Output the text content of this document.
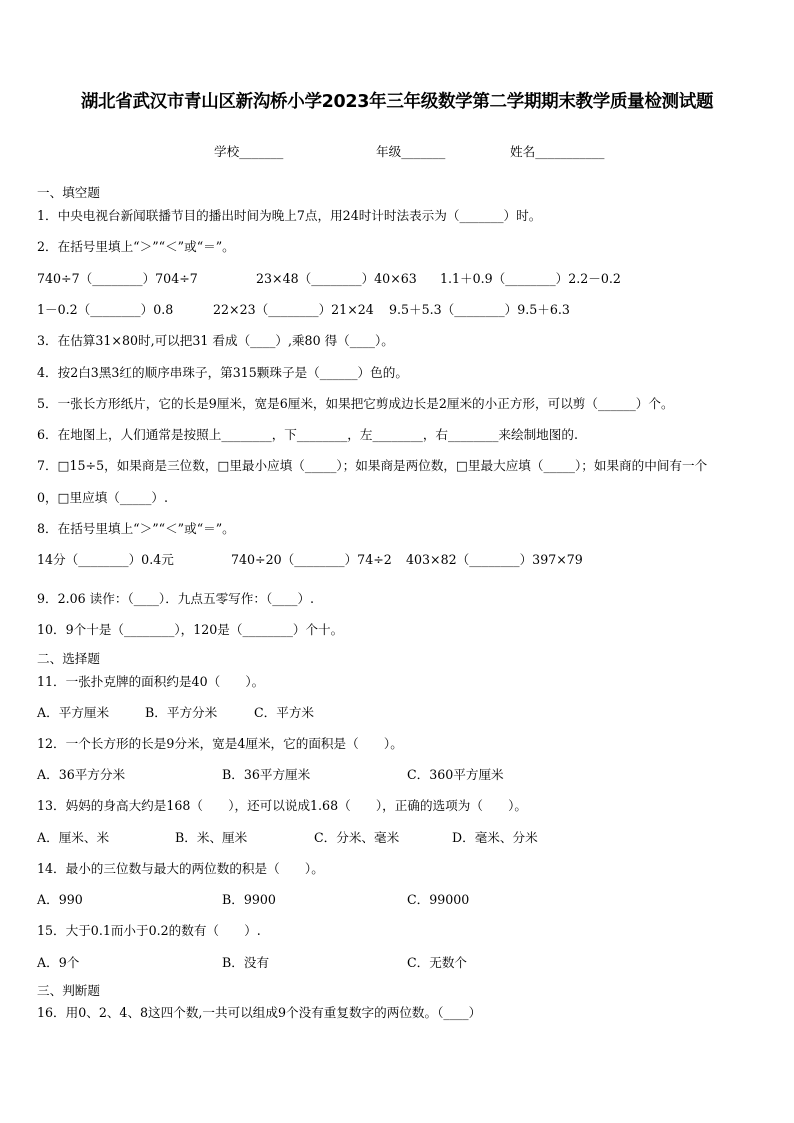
湖北省武汉市青山区新沟桥小学2023年三年级数学第二学期期末教学质量检测试题
学校_______	年级_______	姓名___________
一、填空题
1．中央电视台新闻联播节目的播出时间为晚上7点，用24时计时法表示为（_______）时。
2．在括号里填上“＞”“＜”或“＝”。
740÷7（________）704÷7	23×48（________）40×63 1.1＋0.9（________）2.2－0.2
1－0.2（________）0.8	22×23（________）21×24 9.5＋5.3（________）9.5＋6.3
3．在估算31×80时,可以把31 看成（____）,乘80 得（____）。
4．按2白3黑3红的顺序串珠子，第315颗珠子是（______）色的。
5．一张长方形纸片，它的长是9厘米，宽是6厘米，如果把它剪成边长是2厘米的小正方形，可以剪（______）个。
6．在地图上，人们通常是按照上________，下________，左________，右________来绘制地图的.
7．□15÷5，如果商是三位数，□里最小应填（_____）；如果商是两位数，□里最大应填（_____）；如果商的中间有一个
0，□里应填（_____）.
8．在括号里填上“＞”“＜”或“＝”。
14分（________）0.4元	740÷20（________）74÷2 403×82（________）397×79
9．2.06 读作：（____）．九点五零写作：（____）.
10．9个十是（________），120是（________）个十。
二、选择题
11．一张扑克牌的面积约是40（　　）。
A．平方厘米	B．平方分米	C．平方米
12．一个长方形的长是9分米，宽是4厘米，它的面积是（　　）。
A．36平方分米	B．36平方厘米	C．360平方厘米
13．妈妈的身高大约是168（　　），还可以说成1.68（　　），正确的选项为（　　）。
A．厘米、米	B．米、厘米	C．分米、毫米	D．毫米、分米
14．最小的三位数与最大的两位数的积是（　　）。
A．990	B．9900	C．99000
15．大于0.1而小于0.2的数有（　　）.
A．9个	B．没有	C．无数个
三、判断题
16．用0、2、4、8这四个数,一共可以组成9个没有重复数字的两位数。（____）
